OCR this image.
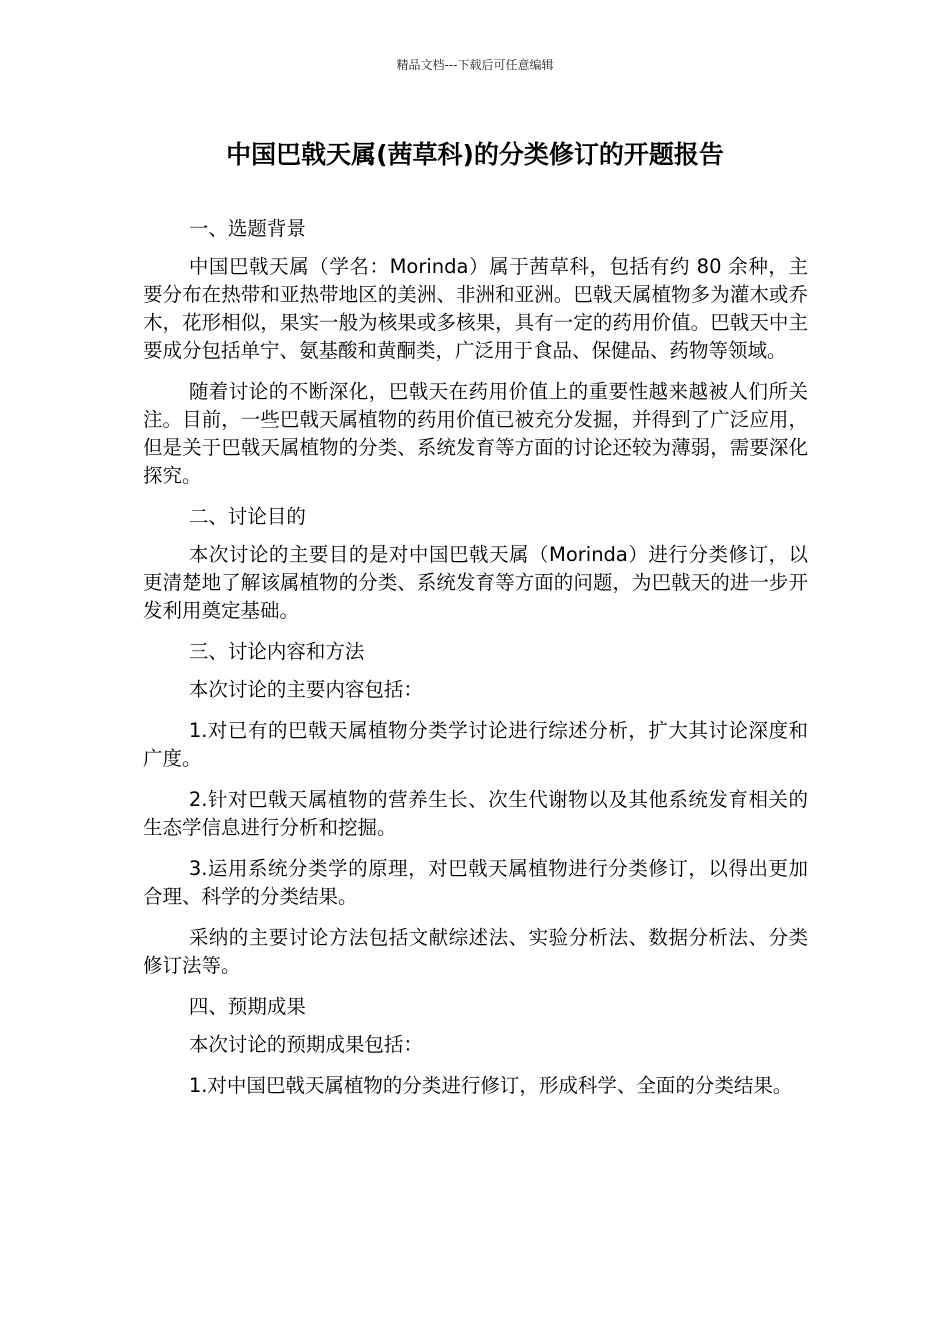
精品文档---下载后可任意编辑
中国巴戟天属(茜草科)的分类修订的开题报告

一、选题背景

中国巴戟天属（学名：Morinda）属于茜草科，包括有约 80 余种，主要分布在热带和亚热带地区的美洲、非洲和亚洲。巴戟天属植物多为灌木或乔木，花形相似，果实一般为核果或多核果，具有一定的药用价值。巴戟天中主要成分包括单宁、氨基酸和黄酮类，广泛用于食品、保健品、药物等领域。

随着讨论的不断深化，巴戟天在药用价值上的重要性越来越被人们所关注。目前，一些巴戟天属植物的药用价值已被充分发掘，并得到了广泛应用，但是关于巴戟天属植物的分类、系统发育等方面的讨论还较为薄弱，需要深化探究。

二、讨论目的

本次讨论的主要目的是对中国巴戟天属（Morinda）进行分类修订，以更清楚地了解该属植物的分类、系统发育等方面的问题，为巴戟天的进一步开发利用奠定基础。

三、讨论内容和方法

本次讨论的主要内容包括：

1.对已有的巴戟天属植物分类学讨论进行综述分析，扩大其讨论深度和广度。

2.针对巴戟天属植物的营养生长、次生代谢物以及其他系统发育相关的生态学信息进行分析和挖掘。

3.运用系统分类学的原理，对巴戟天属植物进行分类修订，以得出更加合理、科学的分类结果。

采纳的主要讨论方法包括文献综述法、实验分析法、数据分析法、分类修订法等。

四、预期成果

本次讨论的预期成果包括：

1.对中国巴戟天属植物的分类进行修订，形成科学、全面的分类结果。
